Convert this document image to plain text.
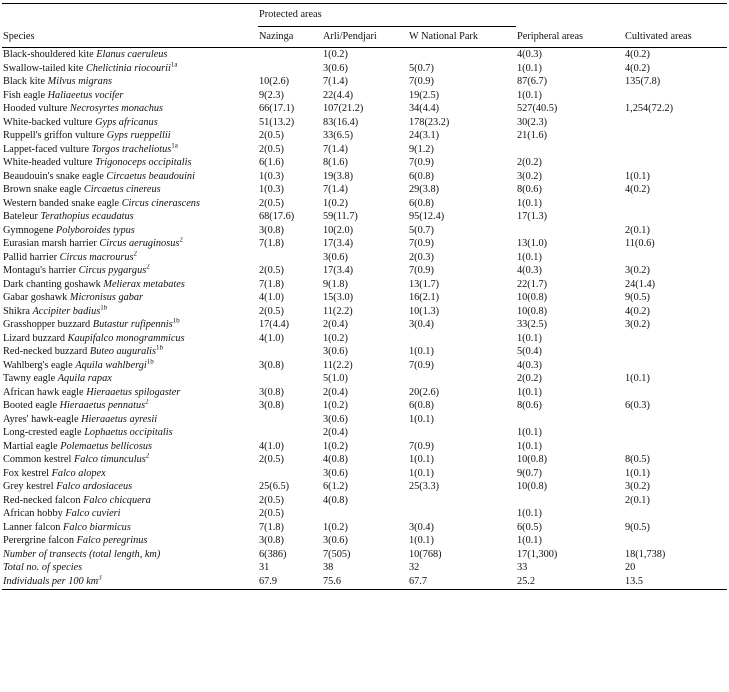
	Protected areas				
Species	Nazinga	Arli/Pendjari	W National Park	Peripheral areas	Cultivated areas
Black-shouldered kite Elanus caeruleus		1(0.2)		4(0.3)	4(0.2)
Swallow-tailed kite Chelictinia riocourii$^{1a}$		3(0.6)	5(0.7)	1(0.1)	4(0.2)
Black kite Milvus migrans	10(2.6)	7(1.4)	7(0.9)	87(6.7)	135(7.8)
Fish eagle Haliaeetus vocifer	9(2.3)	22(4.4)	19(2.5)	1(0.1)	
Hooded vulture Necrosyrtes monachus	66(17.1)	107(21.2)	34(4.4)	527(40.5)	1,254(72.2)
White-backed vulture Gyps africanus	51(13.2)	83(16.4)	178(23.2)	30(2.3)	
Ruppell's griffon vulture Gyps rueppellii	2(0.5)	33(6.5)	24(3.1)	21(1.6)	
Lappet-faced vulture Torgos tracheliotus$^{1a}$	2(0.5)	7(1.4)	9(1.2)		
White-headed vulture Trigonoceps occipitalis	6(1.6)	8(1.6)	7(0.9)	2(0.2)	
Beaudouin's snake eagle Circaetus beaudouini	1(0.3)	19(3.8)	6(0.8)	3(0.2)	1(0.1)
Brown snake eagle Circaetus cinereus	1(0.3)	7(1.4)	29(3.8)	8(0.6)	4(0.2)
Western banded snake eagle Circus cinerascens	2(0.5)	1(0.2)	6(0.8)	1(0.1)	
Bateleur Terathopius ecaudatus	68(17.6)	59(11.7)	95(12.4)	17(1.3)	
Gymnogene Polyboroides typus	3(0.8)	10(2.0)	5(0.7)		2(0.1)
Eurasian marsh harrier Circus aeruginosus$^2$	7(1.8)	17(3.4)	7(0.9)	13(1.0)	11(0.6)
Pallid harrier Circus macrourus$^2$		3(0.6)	2(0.3)	1(0.1)	
Montagu's harrier Circus pygargus$^2$	2(0.5)	17(3.4)	7(0.9)	4(0.3)	3(0.2)
Dark chanting goshawk Melierax metabates	7(1.8)	9(1.8)	13(1.7)	22(1.7)	24(1.4)
Gabar goshawk Micronisus gabar	4(1.0)	15(3.0)	16(2.1)	10(0.8)	9(0.5)
Shikra Accipiter badius$^{1b}$	2(0.5)	11(2.2)	10(1.3)	10(0.8)	4(0.2)
Grasshopper buzzard Butastur rufipennis$^{1b}$	17(4.4)	2(0.4)	3(0.4)	33(2.5)	3(0.2)
Lizard buzzard Kaupifalco monogrammicus	4(1.0)	1(0.2)		1(0.1)	
Red-necked buzzard Buteo auguralis$^{1b}$		3(0.6)	1(0.1)	5(0.4)	
Wahlberg's eagle Aquila wahlbergi$^{1b}$	3(0.8)	11(2.2)	7(0.9)	4(0.3)	
Tawny eagle Aquila rapax		5(1.0)		2(0.2)	1(0.1)
African hawk eagle Hieraaetus spilogaster	3(0.8)	2(0.4)	20(2.6)	1(0.1)	
Booted eagle Hieraaetus pennatus$^2$	3(0.8)	1(0.2)	6(0.8)	8(0.6)	6(0.3)
Ayres' hawk-eagle Hieraaetus ayresii		3(0.6)	1(0.1)		
Long-crested eagle Lophaetus occipitalis		2(0.4)		1(0.1)	
Martial eagle Polemaetus bellicosus	4(1.0)	1(0.2)	7(0.9)	1(0.1)	
Common kestrel Falco timunculus$^2$	2(0.5)	4(0.8)	1(0.1)	10(0.8)	8(0.5)
Fox kestrel Falco alopex		3(0.6)	1(0.1)	9(0.7)	1(0.1)
Grey kestrel Falco ardosiaceus	25(6.5)	6(1.2)	25(3.3)	10(0.8)	3(0.2)
Red-necked falcon Falco chicquera	2(0.5)	4(0.8)			2(0.1)
African hobby Falco cuvieri	2(0.5)			1(0.1)	
Lanner falcon Falco biarmicus	7(1.8)	1(0.2)	3(0.4)	6(0.5)	9(0.5)
Perergrine falcon Falco peregrinus	3(0.8)	3(0.6)	1(0.1)	1(0.1)	
Number of transects (total length, km)	6(386)	7(505)	10(768)	17(1,300)	18(1,738)
Total no. of species	31	38	32	33	20
Individuals per 100 $km^3$	67.9	75.6	67.7	25.2	13.5
